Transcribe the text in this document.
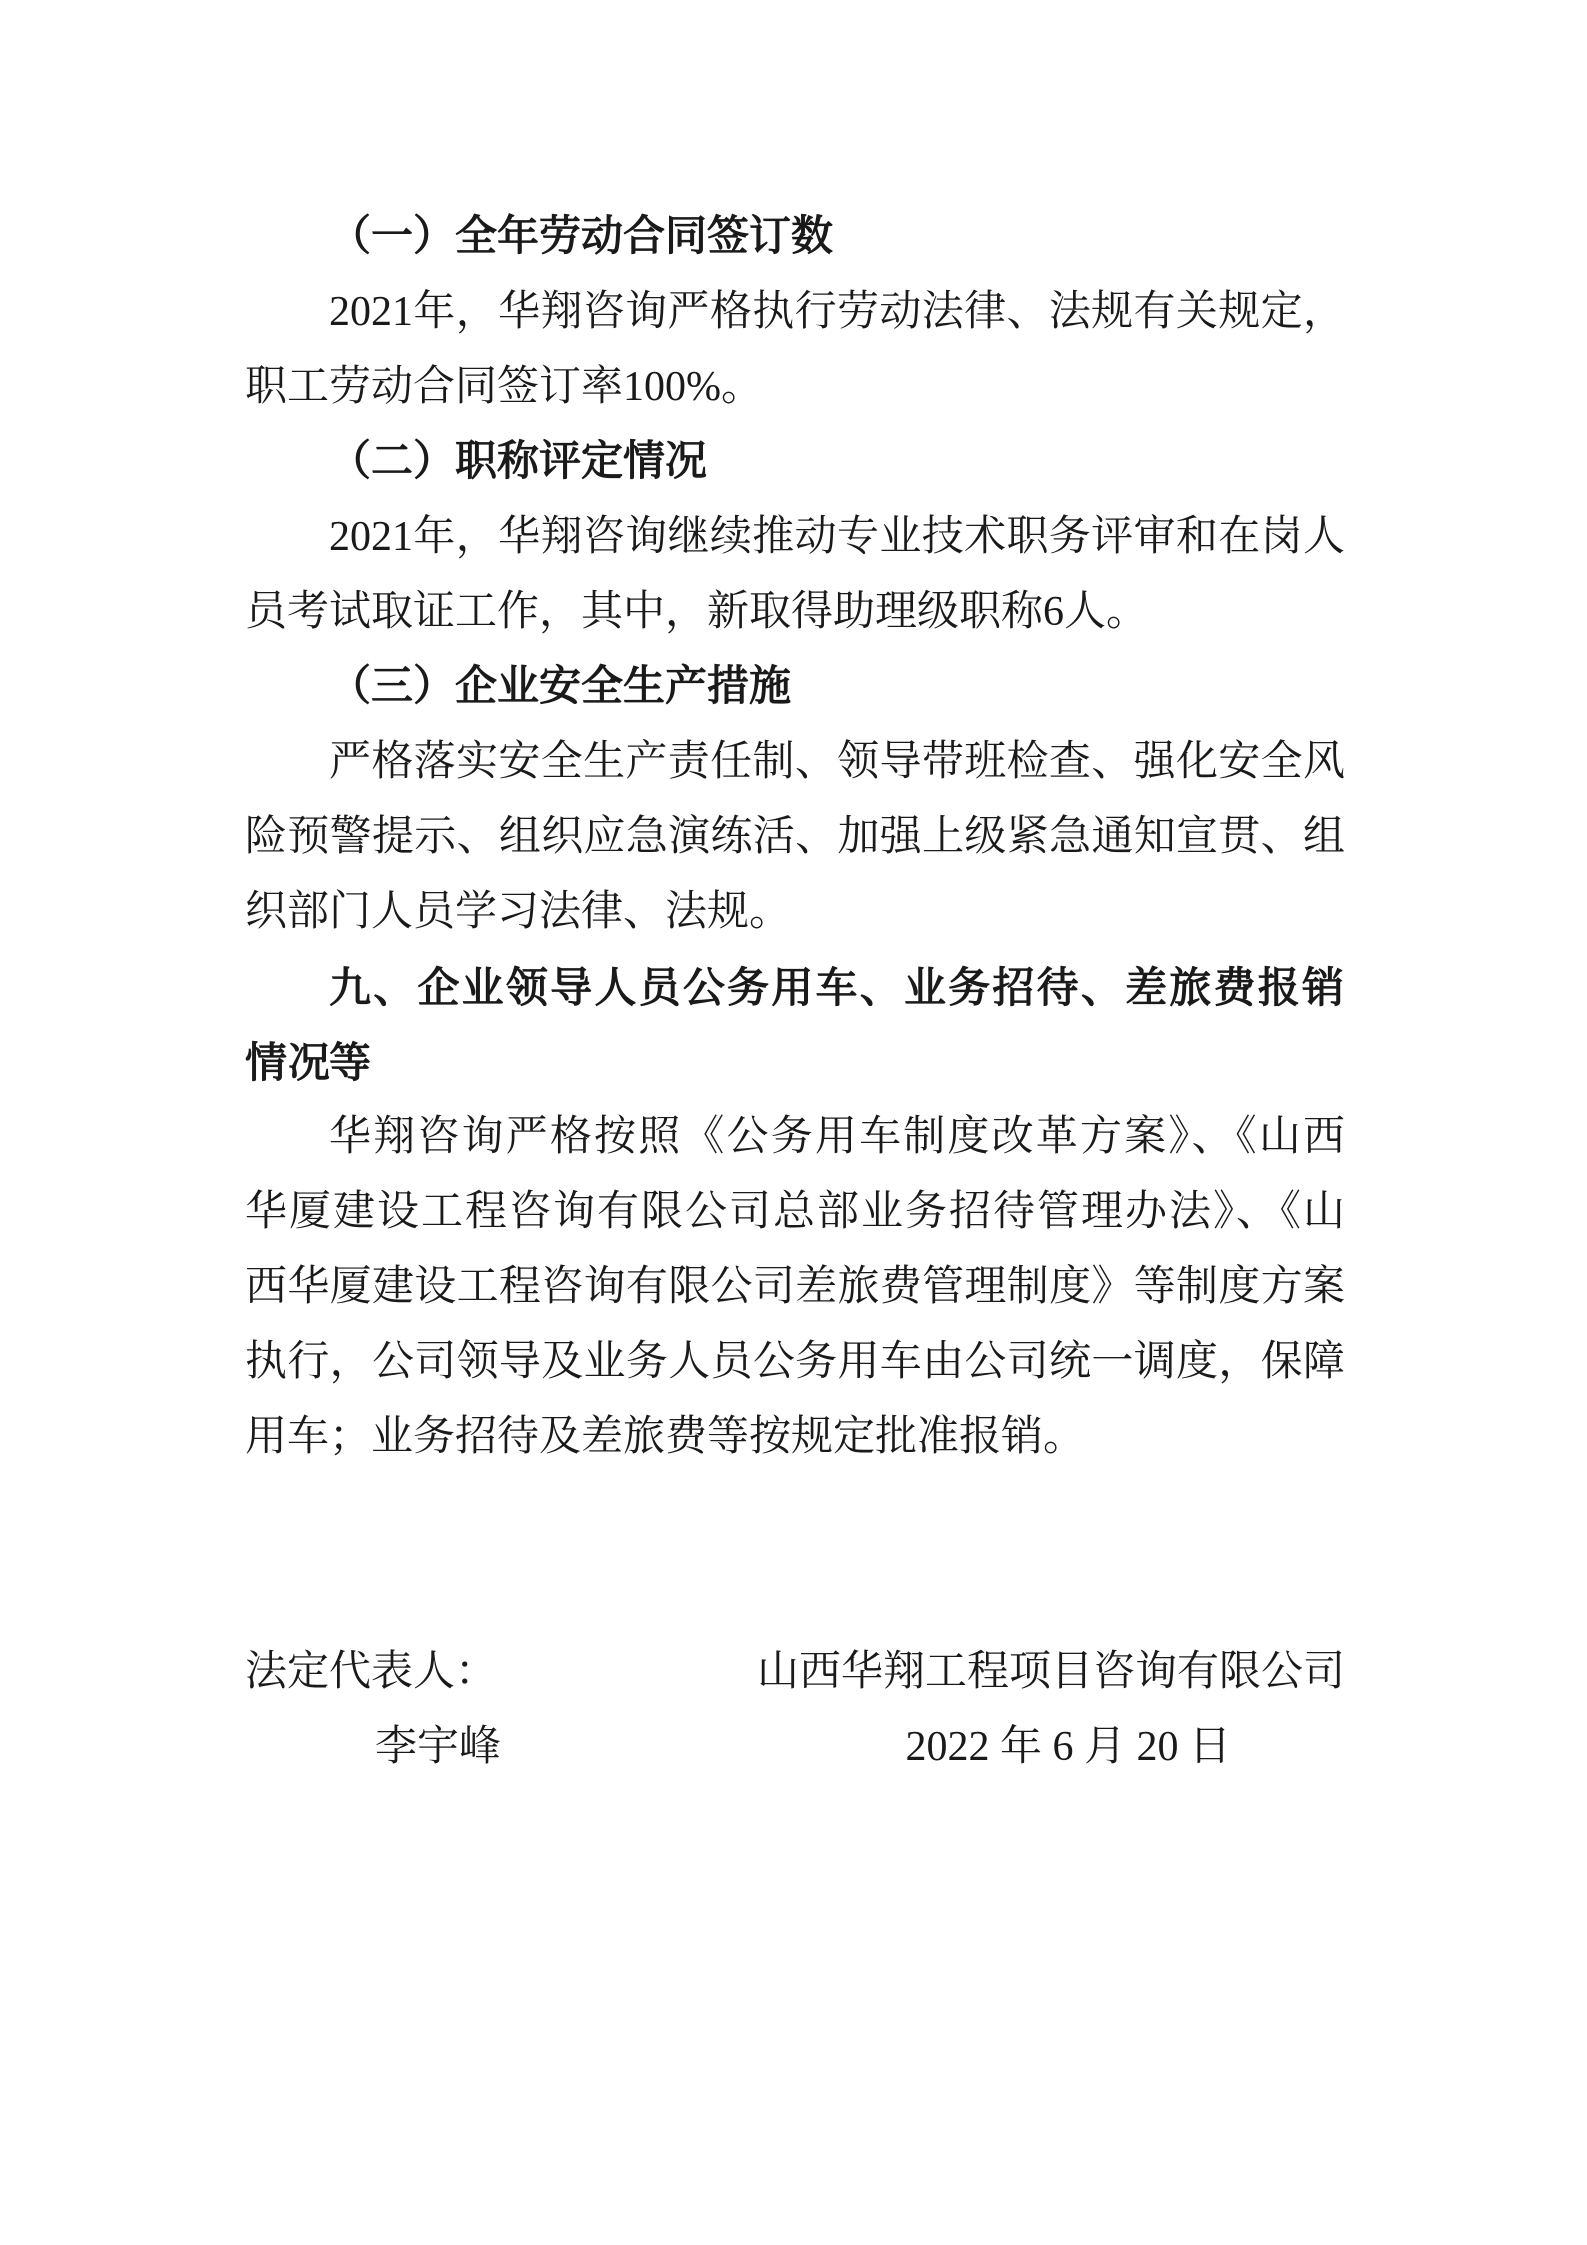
（一）全年劳动合同签订数
2021年，华翔咨询严格执行劳动法律、法规有关规定，
职工劳动合同签订率100%。
（二）职称评定情况
2021年，华翔咨询继续推动专业技术职务评审和在岗人
员考试取证工作，其中，新取得助理级职称6人。
（三）企业安全生产措施
严格落实安全生产责任制、领导带班检查、强化安全风
险预警提示、组织应急演练活、加强上级紧急通知宣贯、组
织部门人员学习法律、法规。
九、企业领导人员公务用车、业务招待、差旅费报销等
情况
华翔咨询严格按照《公务用车制度改革方案》、《山西
华厦建设工程咨询有限公司总部业务招待管理办法》、《山
西华厦建设工程咨询有限公司差旅费管理制度》等制度方案
执行，公司领导及业务人员公务用车由公司统一调度，保障
用车；业务招待及差旅费等按规定批准报销。
法定代表人：	山西华翔工程项目咨询有限公司
李宇峰	2022 年 6 月 20 日
